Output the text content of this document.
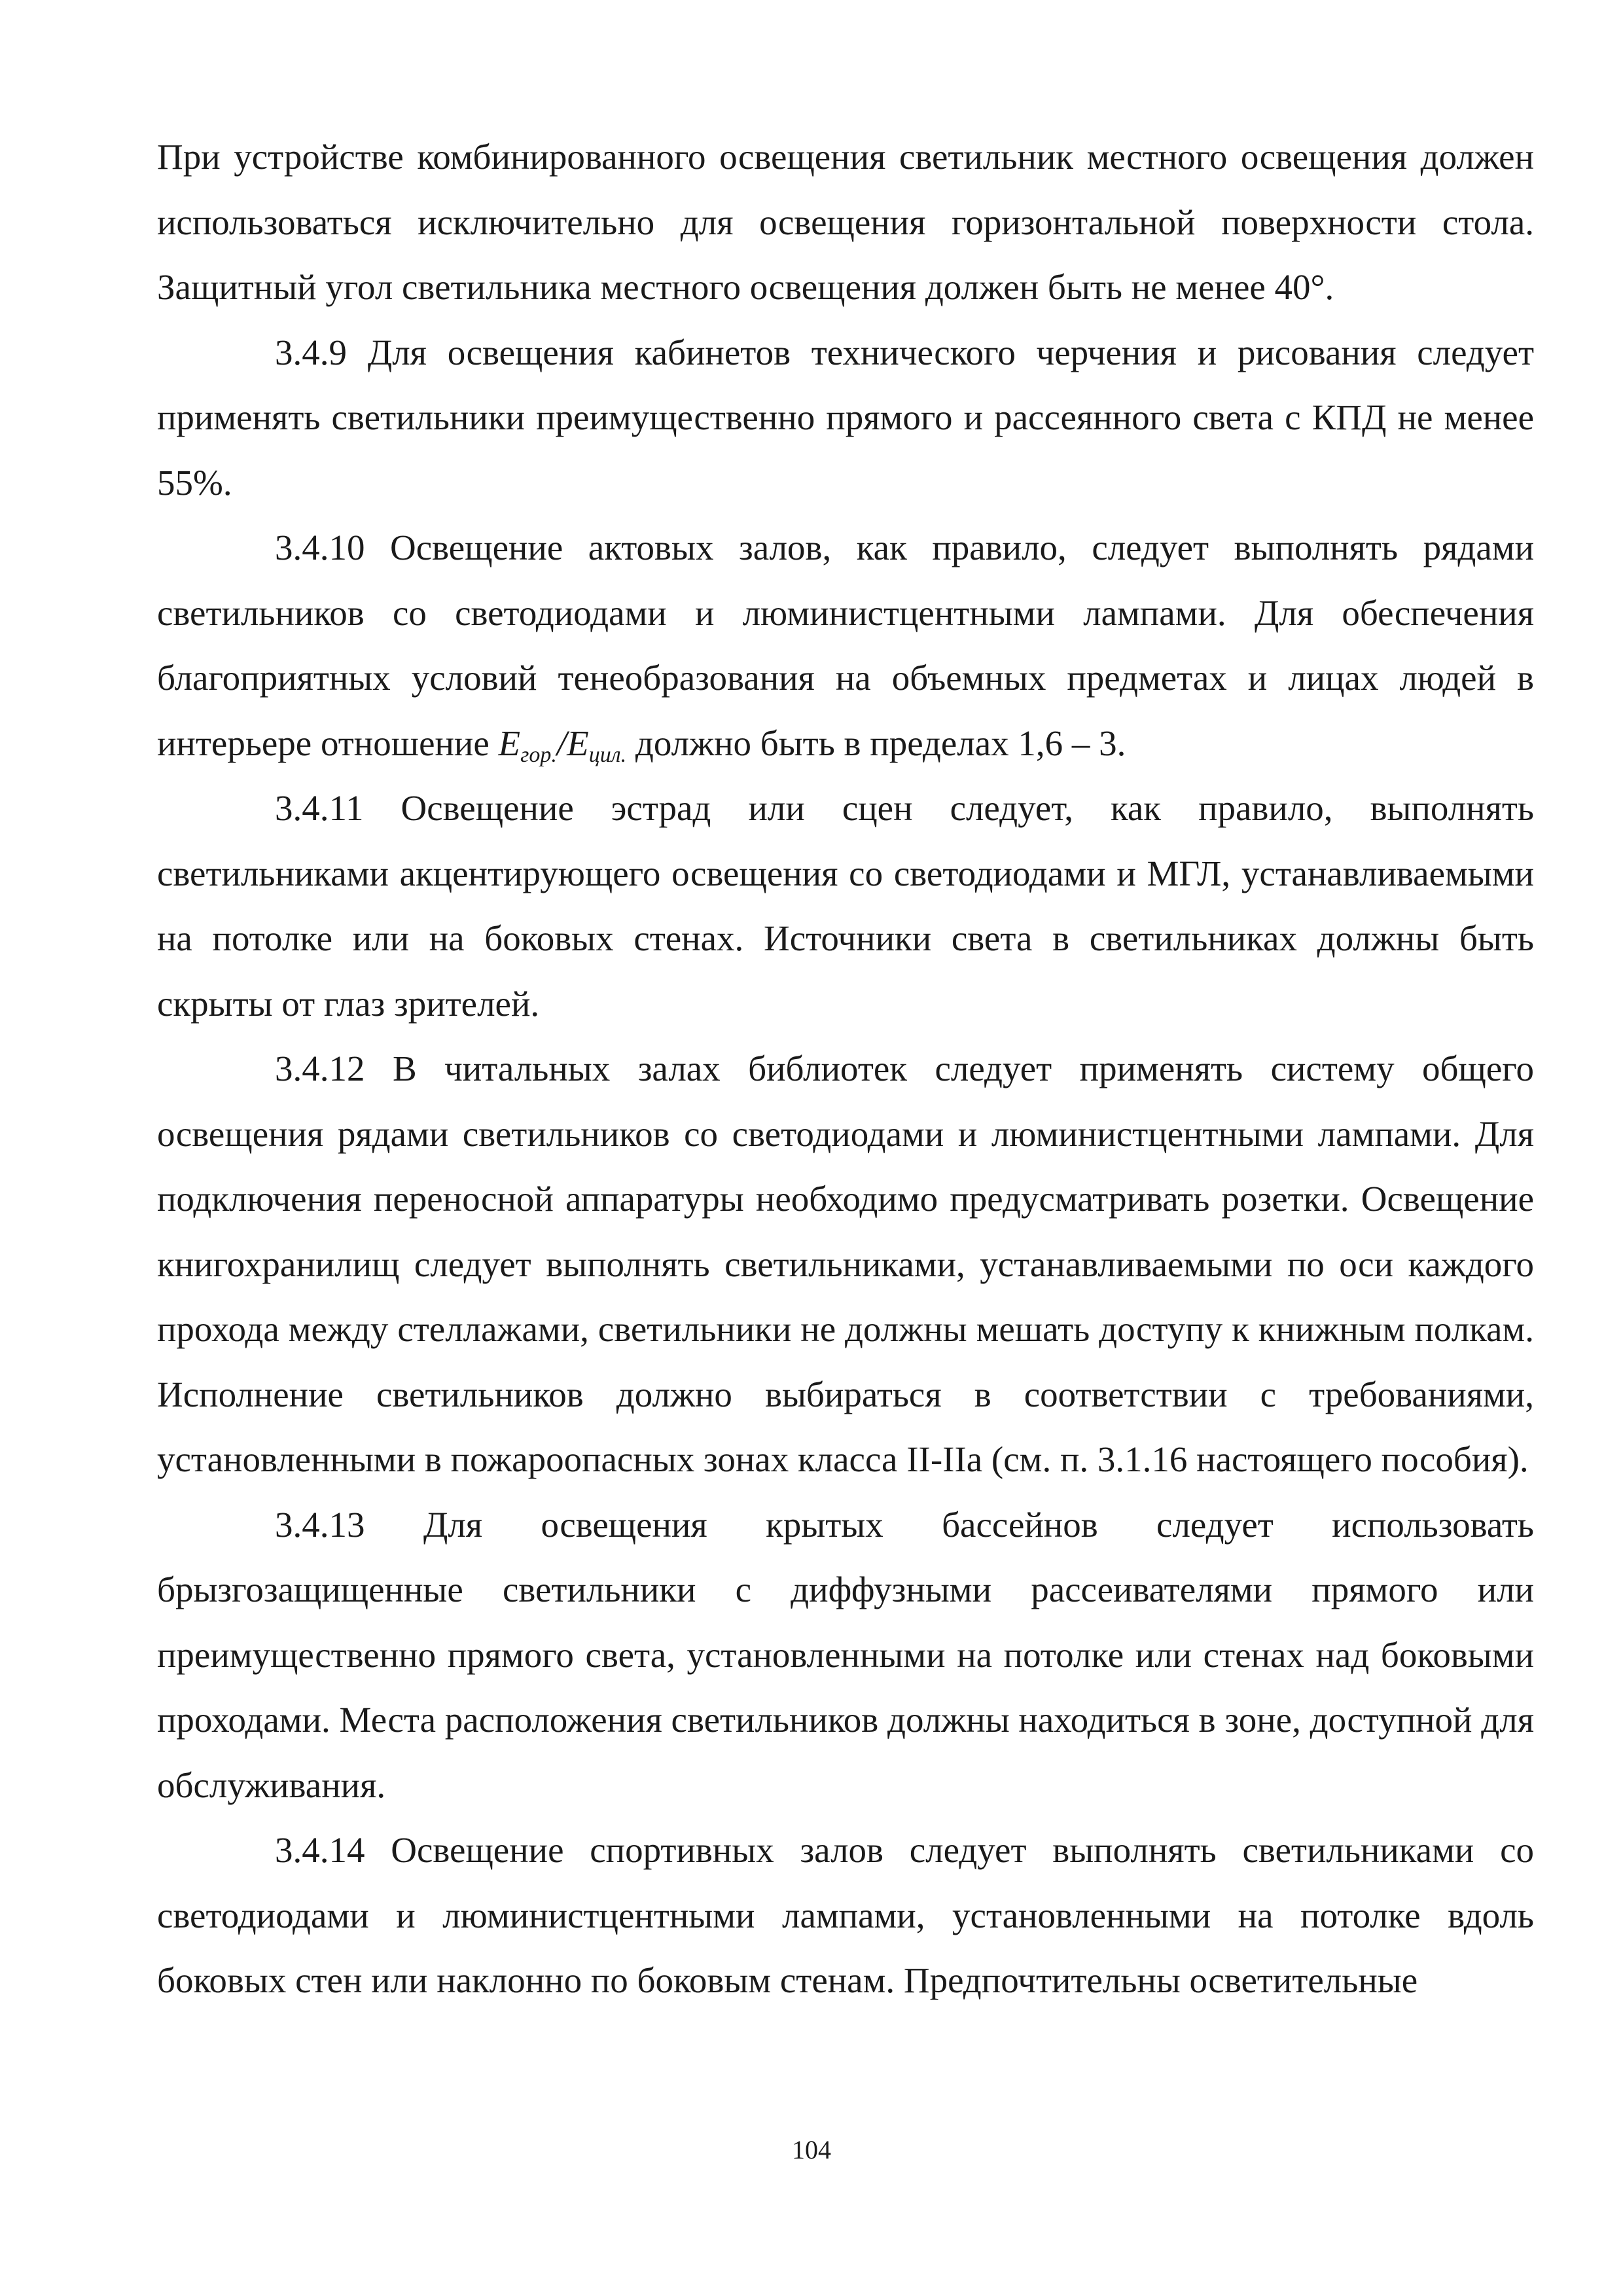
При устройстве комбинированного освещения светильник местного освещения должен использоваться исключительно для освещения горизонтальной поверхности стола. Защитный угол светильника местного освещения должен быть не менее 40°.

3.4.9 Для освещения кабинетов технического черчения и рисования следует применять светильники преимущественно прямого и рассеянного света с КПД не менее 55%.

3.4.10 Освещение актовых залов, как правило, следует выполнять рядами светильников со светодиодами и люминистцентными лампами. Для обеспечения благоприятных условий тенеобразования на объемных предметах и лицах людей в интерьере отношение $E_{гор.}/E_{цил.}$ должно быть в пределах 1,6 – 3.

3.4.11 Освещение эстрад или сцен следует, как правило, выполнять светильниками акцентирующего освещения со светодиодами и МГЛ, устанавливаемыми на потолке или на боковых стенах. Источники света в светильниках должны быть скрыты от глаз зрителей.

3.4.12 В читальных залах библиотек следует применять систему общего освещения рядами светильников со светодиодами и люминистцентными лампами. Для подключения переносной аппаратуры необходимо предусматривать розетки. Освещение книгохранилищ следует выполнять светильниками, устанавливаемыми по оси каждого прохода между стеллажами, светильники не должны мешать доступу к книжным полкам. Исполнение светильников должно выбираться в соответствии с требованиями, установленными в пожароопасных зонах класса II-IIа (см. п. 3.1.16 настоящего пособия).

3.4.13 Для освещения крытых бассейнов следует использовать брызгозащищенные светильники с диффузными рассеивателями прямого или преимущественно прямого света, установленными на потолке или стенах над боковыми проходами. Места расположения светильников должны находиться в зоне, доступной для обслуживания.

3.4.14 Освещение спортивных залов следует выполнять светильниками со светодиодами и люминистцентными лампами, установленными на потолке вдоль боковых стен или наклонно по боковым стенам. Предпочтительны осветительные

104
